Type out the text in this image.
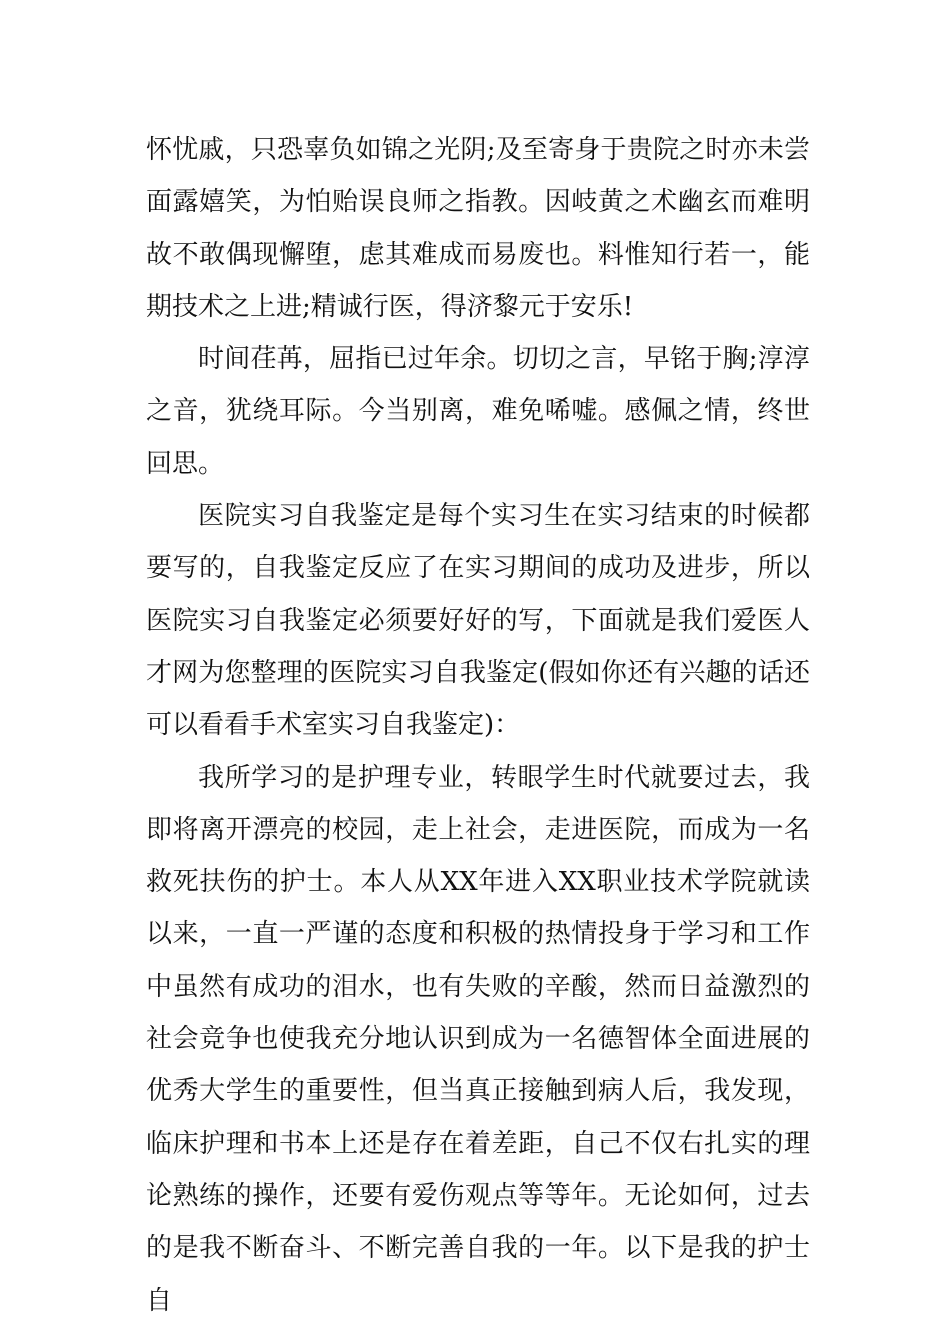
怀忧戚，只恐辜负如锦之光阴;及至寄身于贵院之时亦未尝面露嬉笑，为怕贻误良师之指教。因岐黄之术幽玄而难明故不敢偶现懈堕，虑其难成而易废也。料惟知行若一，能期技术之上进;精诚行医，得济黎元于安乐!

时间荏苒，屈指已过年余。切切之言，早铭于胸;淳淳之音，犹绕耳际。今当别离，难免唏嘘。感佩之情，终世回思。

医院实习自我鉴定是每个实习生在实习结束的时候都要写的，自我鉴定反应了在实习期间的成功及进步，所以医院实习自我鉴定必须要好好的写，下面就是我们爱医人才网为您整理的医院实习自我鉴定(假如你还有兴趣的话还可以看看手术室实习自我鉴定)：

我所学习的是护理专业，转眼学生时代就要过去，我即将离开漂亮的校园，走上社会，走进医院，而成为一名救死扶伤的护士。本人从XX年进入XX职业技术学院就读以来，一直一严谨的态度和积极的热情投身于学习和工作中虽然有成功的泪水，也有失败的辛酸，然而日益激烈的社会竞争也使我充分地认识到成为一名德智体全面进展的优秀大学生的重要性，但当真正接触到病人后，我发现，临床护理和书本上还是存在着差距，自己不仅右扎实的理论熟练的操作，还要有爱伤观点等等年。无论如何，过去的是我不断奋斗、不断完善自我的一年。以下是我的护士自
